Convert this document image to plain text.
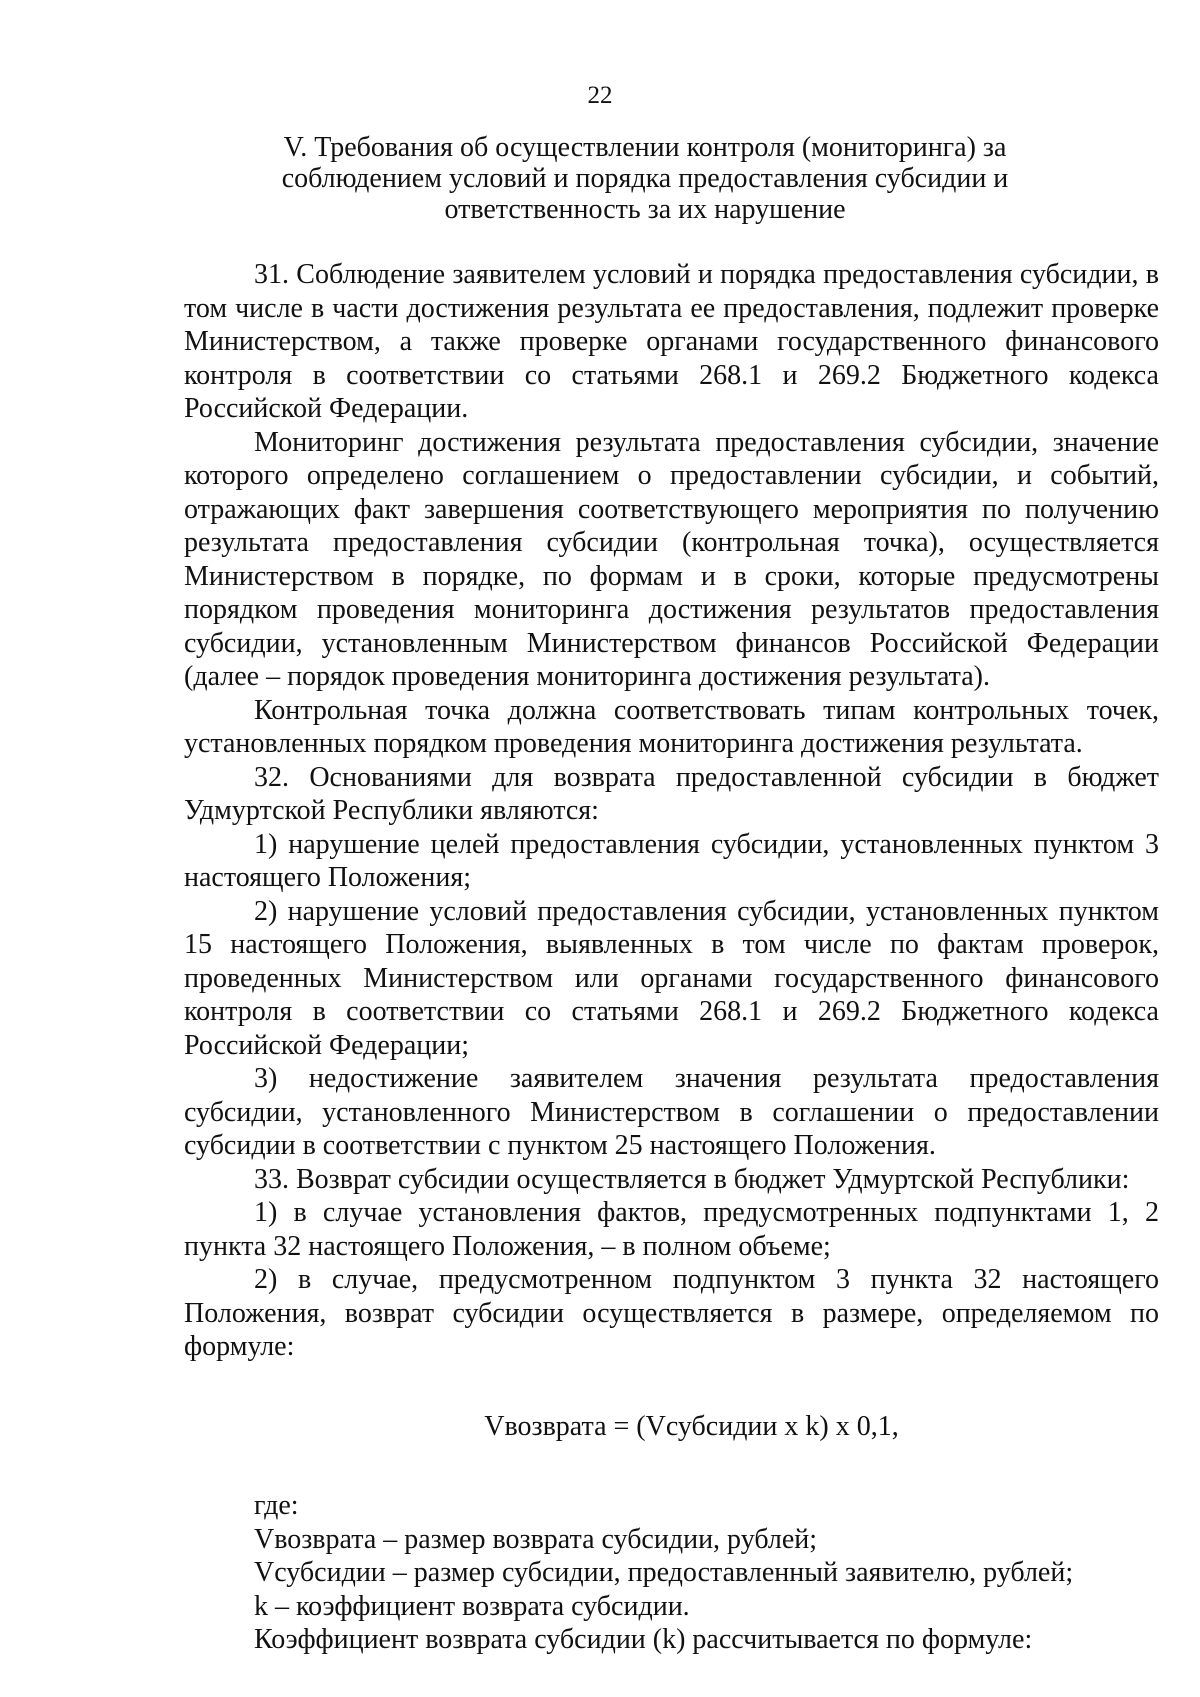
22
V. Требования об осуществлении контроля (мониторинга) за соблюдением условий и порядка предоставления субсидии и ответственность за их нарушение

31. Соблюдение заявителем условий и порядка предоставления субсидии, в том числе в части достижения результата ее предоставления, подлежит проверке Министерством, а также проверке органами государственного финансового контроля в соответствии со статьями 268.1 и 269.2 Бюджетного кодекса Российской Федерации.

Мониторинг достижения результата предоставления субсидии, значение которого определено соглашением о предоставлении субсидии, и событий, отражающих факт завершения соответствующего мероприятия по получению результата предоставления субсидии (контрольная точка), осуществляется Министерством в порядке, по формам и в сроки, которые предусмотрены порядком проведения мониторинга достижения результатов предоставления субсидии, установленным Министерством финансов Российской Федерации (далее – порядок проведения мониторинга достижения результата).

Контрольная точка должна соответствовать типам контрольных точек, установленных порядком проведения мониторинга достижения результата.

32. Основаниями для возврата предоставленной субсидии в бюджет Удмуртской Республики являются:

1) нарушение целей предоставления субсидии, установленных пунктом 3 настоящего Положения;

2) нарушение условий предоставления субсидии, установленных пунктом 15 настоящего Положения, выявленных в том числе по фактам проверок, проведенных Министерством или органами государственного финансового контроля в соответствии со статьями 268.1 и 269.2 Бюджетного кодекса Российской Федерации;

3) недостижение заявителем значения результата предоставления субсидии, установленного Министерством в соглашении о предоставлении субсидии в соответствии с пунктом 25 настоящего Положения.

33. Возврат субсидии осуществляется в бюджет Удмуртской Республики:

1) в случае установления фактов, предусмотренных подпунктами 1, 2 пункта 32 настоящего Положения, – в полном объеме;

2) в случае, предусмотренном подпунктом 3 пункта 32 настоящего Положения, возврат субсидии осуществляется в размере, определяемом по формуле:

Vвозврата = (Vсубсидии x k) x 0,1,

где:

Vвозврата – размер возврата субсидии, рублей;

Vсубсидии – размер субсидии, предоставленный заявителю, рублей;

k – коэффициент возврата субсидии.

Коэффициент возврата субсидии (k) рассчитывается по формуле:
